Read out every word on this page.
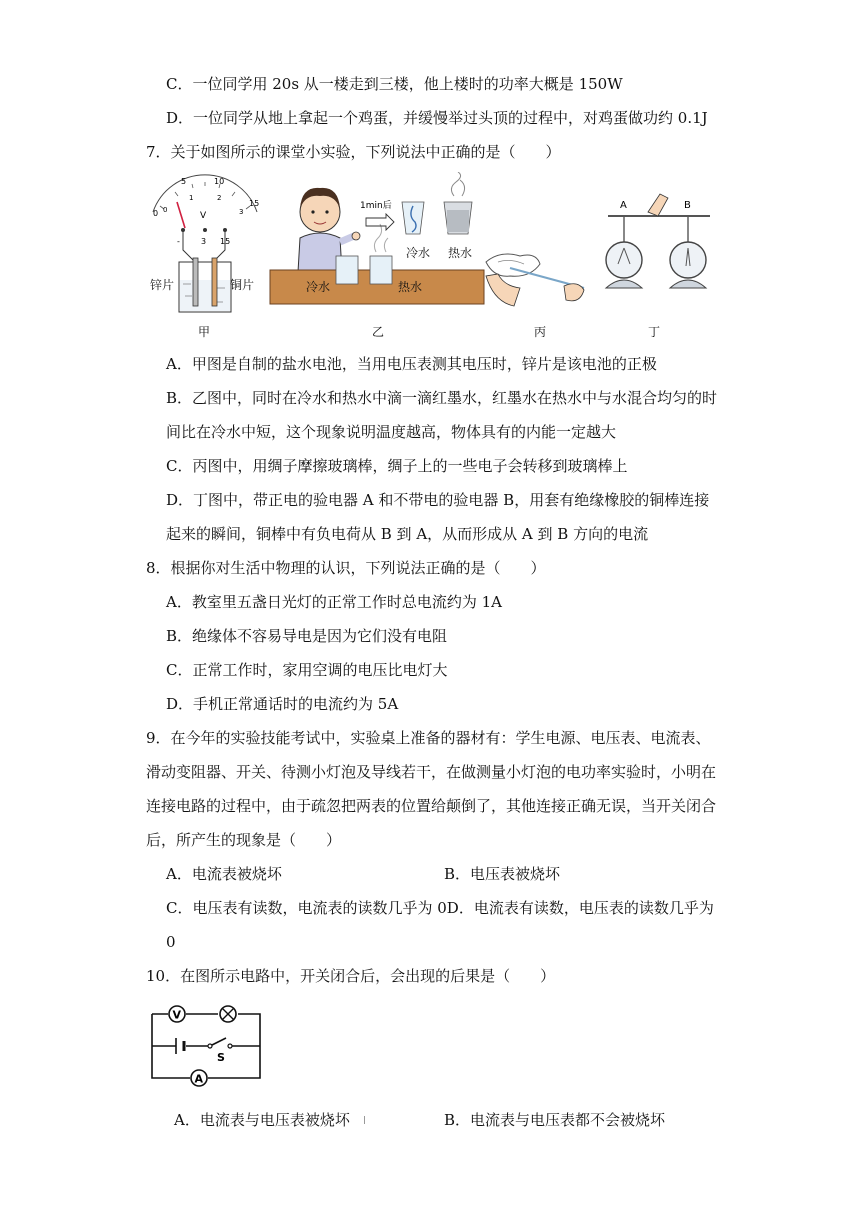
C．一位同学用 20s 从一楼走到三楼，他上楼时的功率大概是 150W
D．一位同学从地上拿起一个鸡蛋，并缓慢举过头顶的过程中，对鸡蛋做功约 0.1J
7．关于如图所示的课堂小实验，下列说法中正确的是（　　）
0
5	10
15
0
1	2
3
V
-	3 15
锌片	铜片
甲
1min后
冷水 热水
冷水	热水
乙	丙
A	B
丁
A．甲图是自制的盐水电池，当用电压表测其电压时，锌片是该电池的正极
B．乙图中，同时在冷水和热水中滴一滴红墨水，红墨水在热水中与水混合均匀的时
间比在冷水中短，这个现象说明温度越高，物体具有的内能一定越大
C．丙图中，用绸子摩擦玻璃棒，绸子上的一些电子会转移到玻璃棒上
D．丁图中，带正电的验电器 A 和不带电的验电器 B，用套有绝缘橡胶的铜棒连接
起来的瞬间，铜棒中有负电荷从 B 到 A，从而形成从 A 到 B 方向的电流
8．根据你对生活中物理的认识，下列说法正确的是（　　）
A．教室里五盏日光灯的正常工作时总电流约为 1A
B．绝缘体不容易导电是因为它们没有电阻
C．正常工作时，家用空调的电压比电灯大
D．手机正常通话时的电流约为 5A
9．在今年的实验技能考试中，实验桌上准备的器材有：学生电源、电压表、电流表、
滑动变阻器、开关、待测小灯泡及导线若干，在做测量小灯泡的电功率实验时，小明在
连接电路的过程中，由于疏忽把两表的位置给颠倒了，其他连接正确无误，当开关闭合
后，所产生的现象是（　　）
A．电流表被烧坏	B．电压表被烧坏
C．电压表有读数，电流表的读数几乎为 0D．电流表有读数，电压表的读数几乎为
0
10．在图所示电路中，开关闭合后，会出现的后果是（　　）
V
S
A
A．电流表与电压表被烧坏	B．电流表与电压表都不会被烧坏
